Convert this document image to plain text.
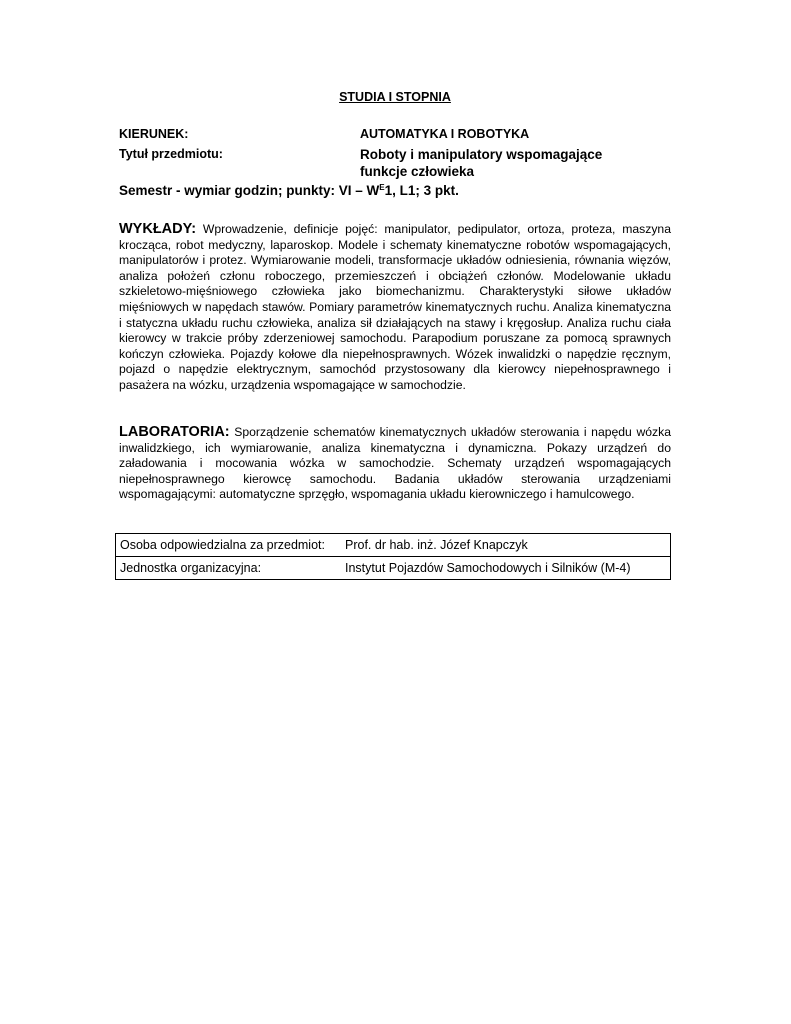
STUDIA I STOPNIA
KIERUNEK:	AUTOMATYKA I ROBOTYKA
Tytuł przedmiotu:	Roboty i manipulatory wspomagające
funkcje człowieka
Semestr - wymiar godzin; punkty: VI – $W^E1$, L1; 3 pkt.
WYKŁADY: Wprowadzenie, definicje pojęć: manipulator, pedipulator, ortoza, proteza, maszyna krocząca, robot medyczny, laparoskop. Modele i schematy kinematyczne robotów wspomagających, manipulatorów i protez. Wymiarowanie modeli, transformacje układów odniesienia, równania więzów, analiza położeń członu roboczego, przemieszczeń i obciążeń członów. Modelowanie układu szkieletowo-mięśniowego człowieka jako biomechanizmu. Charakterystyki siłowe układów mięśniowych w napędach stawów. Pomiary parametrów kinematycznych ruchu. Analiza kinematyczna i statyczna układu ruchu człowieka, analiza sił działających na stawy i kręgosłup. Analiza ruchu ciała kierowcy w trakcie próby zderzeniowej samochodu. Parapodium poruszane za pomocą sprawnych kończyn człowieka. Pojazdy kołowe dla niepełnosprawnych. Wózek inwalidzki o napędzie ręcznym, pojazd o napędzie elektrycznym, samochód przystosowany dla kierowcy niepełnosprawnego i pasażera na wózku, urządzenia wspomagające w samochodzie.
LABORATORIA: Sporządzenie schematów kinematycznych układów sterowania i napędu wózka inwalidzkiego, ich wymiarowanie, analiza kinematyczna i dynamiczna. Pokazy urządzeń do załadowania i mocowania wózka w samochodzie. Schematy urządzeń wspomagających niepełnosprawnego kierowcę samochodu. Badania układów sterowania urządzeniami wspomagającymi: automatyczne sprzęgło, wspomagania układu kierowniczego i hamulcowego.
Osoba odpowiedzialna za przedmiot:	Prof. dr hab. inż. Józef Knapczyk
Jednostka organizacyjna:	Instytut Pojazdów Samochodowych i Silników (M-4)
